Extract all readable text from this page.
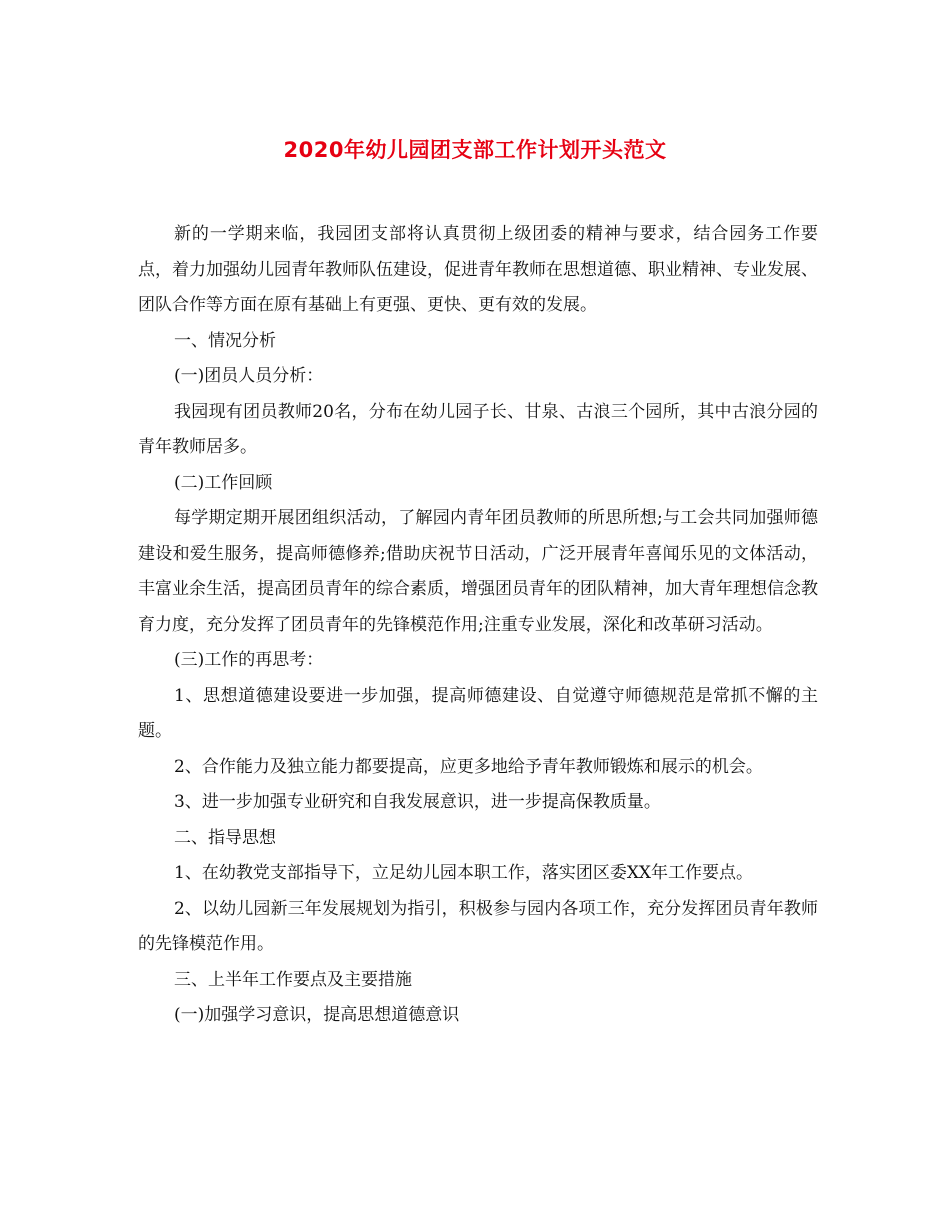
2020年幼儿园团支部工作计划开头范文

新的一学期来临，我园团支部将认真贯彻上级团委的精神与要求，结合园务工作要点，着力加强幼儿园青年教师队伍建设，促进青年教师在思想道德、职业精神、专业发展、团队合作等方面在原有基础上有更强、更快、更有效的发展。

一、情况分析

(一)团员人员分析：

我园现有团员教师20名，分布在幼儿园子长、甘泉、古浪三个园所，其中古浪分园的青年教师居多。

(二)工作回顾

每学期定期开展团组织活动，了解园内青年团员教师的所思所想;与工会共同加强师德建设和爱生服务，提高师德修养;借助庆祝节日活动，广泛开展青年喜闻乐见的文体活动，丰富业余生活，提高团员青年的综合素质，增强团员青年的团队精神，加大青年理想信念教育力度，充分发挥了团员青年的先锋模范作用;注重专业发展，深化和改革研习活动。

(三)工作的再思考：

1、思想道德建设要进一步加强，提高师德建设、自觉遵守师德规范是常抓不懈的主题。

2、合作能力及独立能力都要提高，应更多地给予青年教师锻炼和展示的机会。

3、进一步加强专业研究和自我发展意识，进一步提高保教质量。

二、指导思想

1、在幼教党支部指导下，立足幼儿园本职工作，落实团区委XX年工作要点。

2、以幼儿园新三年发展规划为指引，积极参与园内各项工作，充分发挥团员青年教师的先锋模范作用。

三、上半年工作要点及主要措施

(一)加强学习意识，提高思想道德意识
